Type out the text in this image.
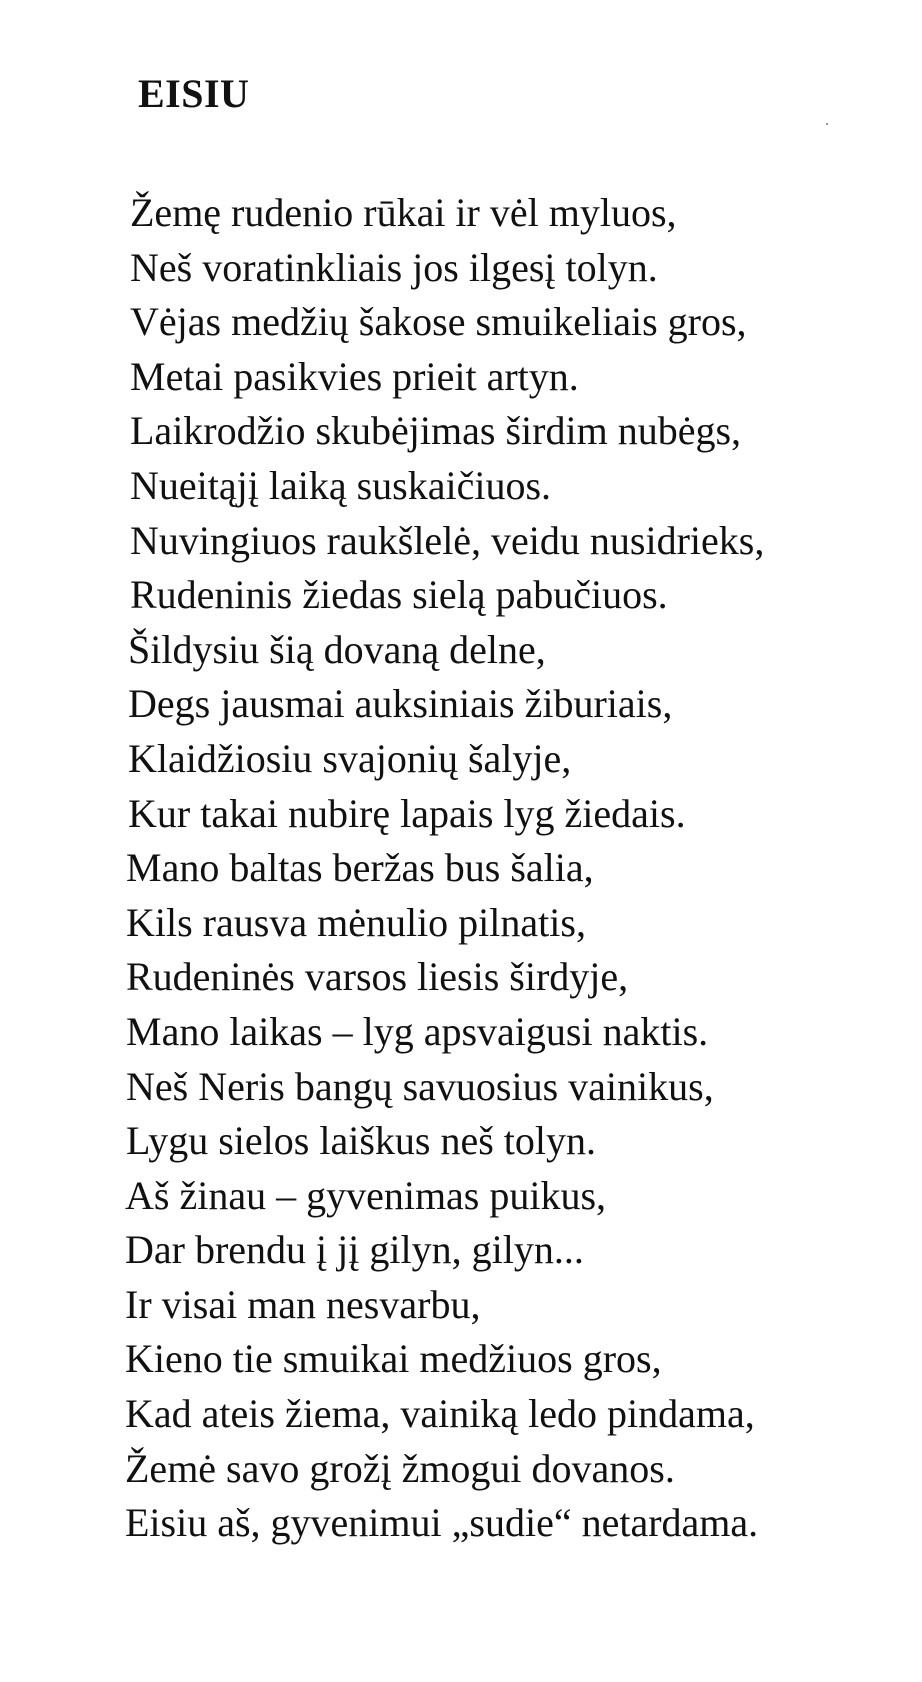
EISIU
Žemę rudenio rūkai ir vėl myluos,
Neš voratinkliais jos ilgesį tolyn.
Vėjas medžių šakose smuikeliais gros,
Metai pasikvies prieit artyn.
Laikrodžio skubėjimas širdim nubėgs,
Nueitąjį laiką suskaičiuos.
Nuvingiuos raukšlelė, veidu nusidrieks,
Rudeninis žiedas sielą pabučiuos.
Šildysiu šią dovaną delne,
Degs jausmai auksiniais žiburiais,
Klaidžiosiu svajonių šalyje,
Kur takai nubirę lapais lyg žiedais.
Mano baltas beržas bus šalia,
Kils rausva mėnulio pilnatis,
Rudeninės varsos liesis širdyje,
Mano laikas – lyg apsvaigusi naktis.
Neš Neris bangų savuosius vainikus,
Lygu sielos laiškus neš tolyn.
Aš žinau – gyvenimas puikus,
Dar brendu į jį gilyn, gilyn...
Ir visai man nesvarbu,
Kieno tie smuikai medžiuos gros,
Kad ateis žiema, vainiką ledo pindama,
Žemė savo grožį žmogui dovanos.
Eisiu aš, gyvenimui „sudie“ netardama.
